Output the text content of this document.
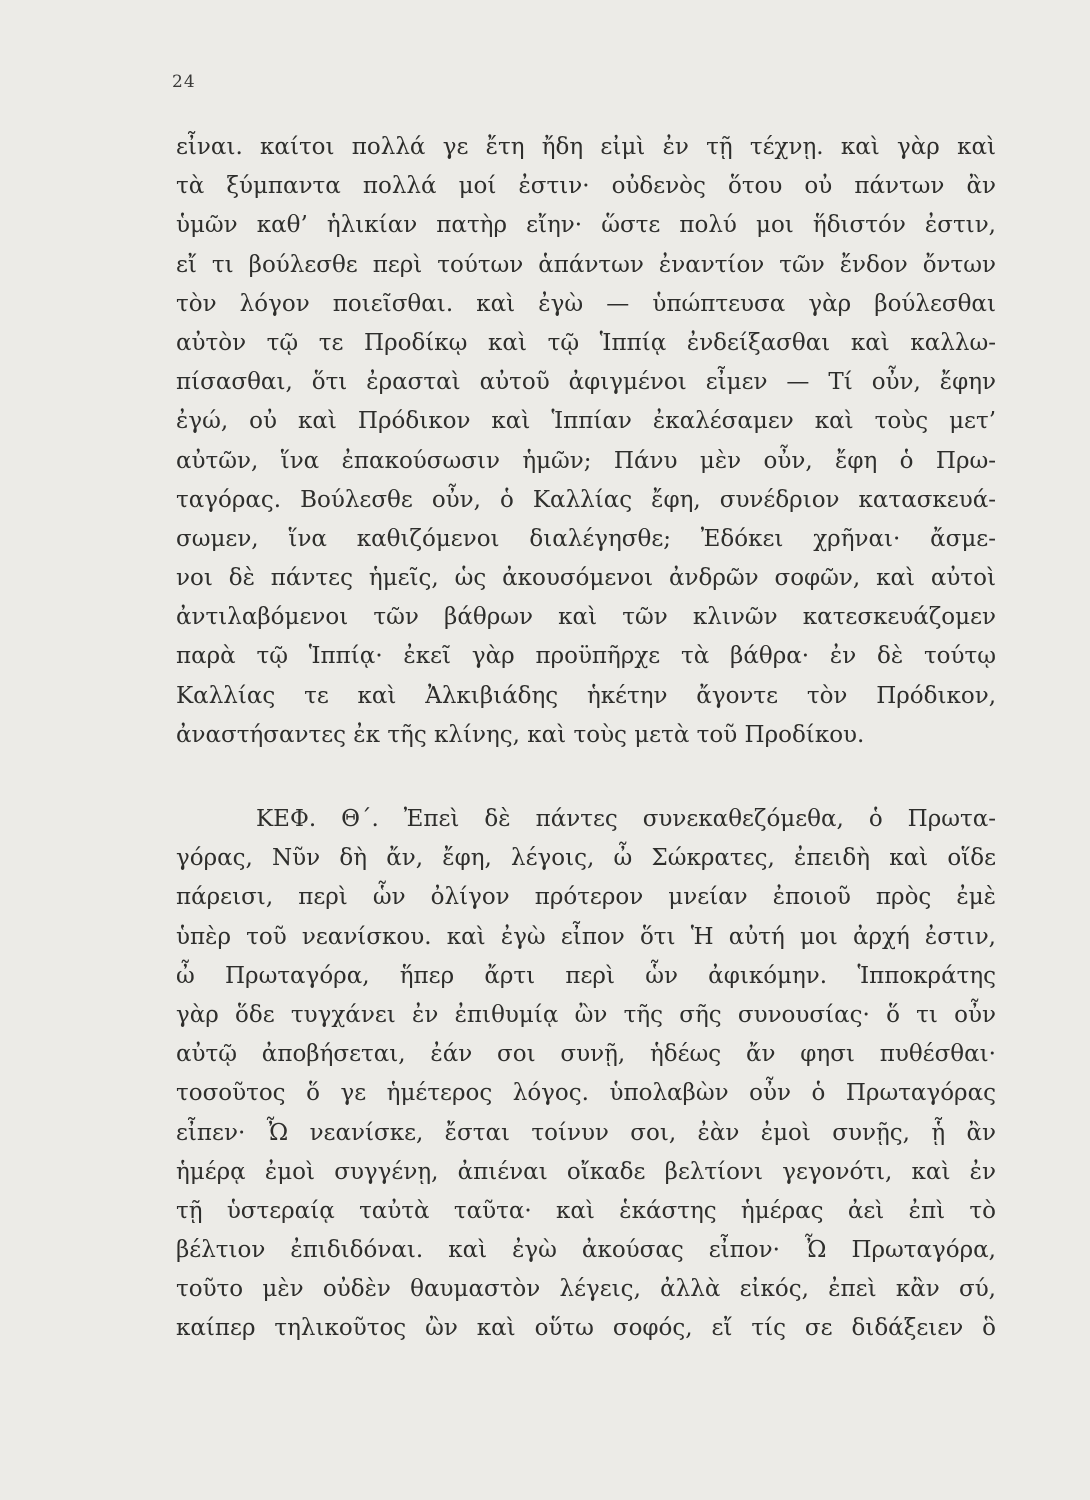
24
εἶναι. καίτοι πολλά γε ἔτη ἤδη εἰμὶ ἐν τῇ τέχνῃ. καὶ γὰρ καὶ
τὰ ξύμπαντα πολλά μοί ἐστιν· οὐδενὸς ὅτου οὐ πάντων ἂν
ὑμῶν καθ’ ἡλικίαν πατὴρ εἴην· ὥστε πολύ μοι ἥδιστόν ἐστιν,
εἴ τι βούλεσθε περὶ τούτων ἁπάντων ἐναντίον τῶν ἔνδον ὄντων
τὸν λόγον ποιεῖσθαι. καὶ ἐγὼ — ὑπώπτευσα γὰρ βούλεσθαι
αὐτὸν τῷ τε Προδίκῳ καὶ τῷ Ἱππίᾳ ἐνδείξασθαι καὶ καλλω-
πίσασθαι, ὅτι ἐρασταὶ αὐτοῦ ἀφιγμένοι εἶμεν — Τί οὖν, ἔφην
ἐγώ, οὐ καὶ Πρόδικον καὶ Ἱππίαν ἐκαλέσαμεν καὶ τοὺς μετ’
αὐτῶν, ἵνα ἐπακούσωσιν ἡμῶν; Πάνυ μὲν οὖν, ἔφη ὁ Πρω-
ταγόρας. Βούλεσθε οὖν, ὁ Καλλίας ἔφη, συνέδριον κατασκευά-
σωμεν, ἵνα καθιζόμενοι διαλέγησθε; Ἐδόκει χρῆναι· ἄσμε-
νοι δὲ πάντες ἡμεῖς, ὡς ἀκουσόμενοι ἀνδρῶν σοφῶν, καὶ αὐτοὶ
ἀντιλαβόμενοι τῶν βάθρων καὶ τῶν κλινῶν κατεσκευάζομεν
παρὰ τῷ Ἱππίᾳ· ἐκεῖ γὰρ προϋπῆρχε τὰ βάθρα· ἐν δὲ τούτῳ
Καλλίας τε καὶ Ἀλκιβιάδης ἡκέτην ἄγοντε τὸν Πρόδικον,
ἀναστήσαντες ἐκ τῆς κλίνης, καὶ τοὺς μετὰ τοῦ Προδίκου.
ΚΕΦ. Θ΄. Ἐπεὶ δὲ πάντες συνεκαθεζόμεθα, ὁ Πρωτα-
γόρας, Νῦν δὴ ἄν, ἔφη, λέγοις, ὦ Σώκρατες, ἐπειδὴ καὶ οἵδε
πάρεισι, περὶ ὧν ὀλίγον πρότερον μνείαν ἐποιοῦ πρὸς ἐμὲ
ὑπὲρ τοῦ νεανίσκου. καὶ ἐγὼ εἶπον ὅτι Ἡ αὐτή μοι ἀρχή ἐστιν,
ὦ Πρωταγόρα, ἥπερ ἄρτι περὶ ὧν ἀφικόμην. Ἱπποκράτης
γὰρ ὅδε τυγχάνει ἐν ἐπιθυμίᾳ ὢν τῆς σῆς συνουσίας· ὅ τι οὖν
αὐτῷ ἀποβήσεται, ἐάν σοι συνῇ, ἡδέως ἄν φησι πυθέσθαι·
τοσοῦτος ὅ γε ἡμέτερος λόγος. ὑπολαβὼν οὖν ὁ Πρωταγόρας
εἶπεν· Ὦ νεανίσκε, ἔσται τοίνυν σοι, ἐὰν ἐμοὶ συνῇς, ᾗ ἂν
ἡμέρᾳ ἐμοὶ συγγένῃ, ἀπιέναι οἴκαδε βελτίονι γεγονότι, καὶ ἐν
τῇ ὑστεραίᾳ ταὐτὰ ταῦτα· καὶ ἑκάστης ἡμέρας ἀεὶ ἐπὶ τὸ
βέλτιον ἐπιδιδόναι. καὶ ἐγὼ ἀκούσας εἶπον· Ὦ Πρωταγόρα,
τοῦτο μὲν οὐδὲν θαυμαστὸν λέγεις, ἀλλὰ εἰκός, ἐπεὶ κἂν σύ,
καίπερ τηλικοῦτος ὢν καὶ οὕτω σοφός, εἴ τίς σε διδάξειεν ὃ
